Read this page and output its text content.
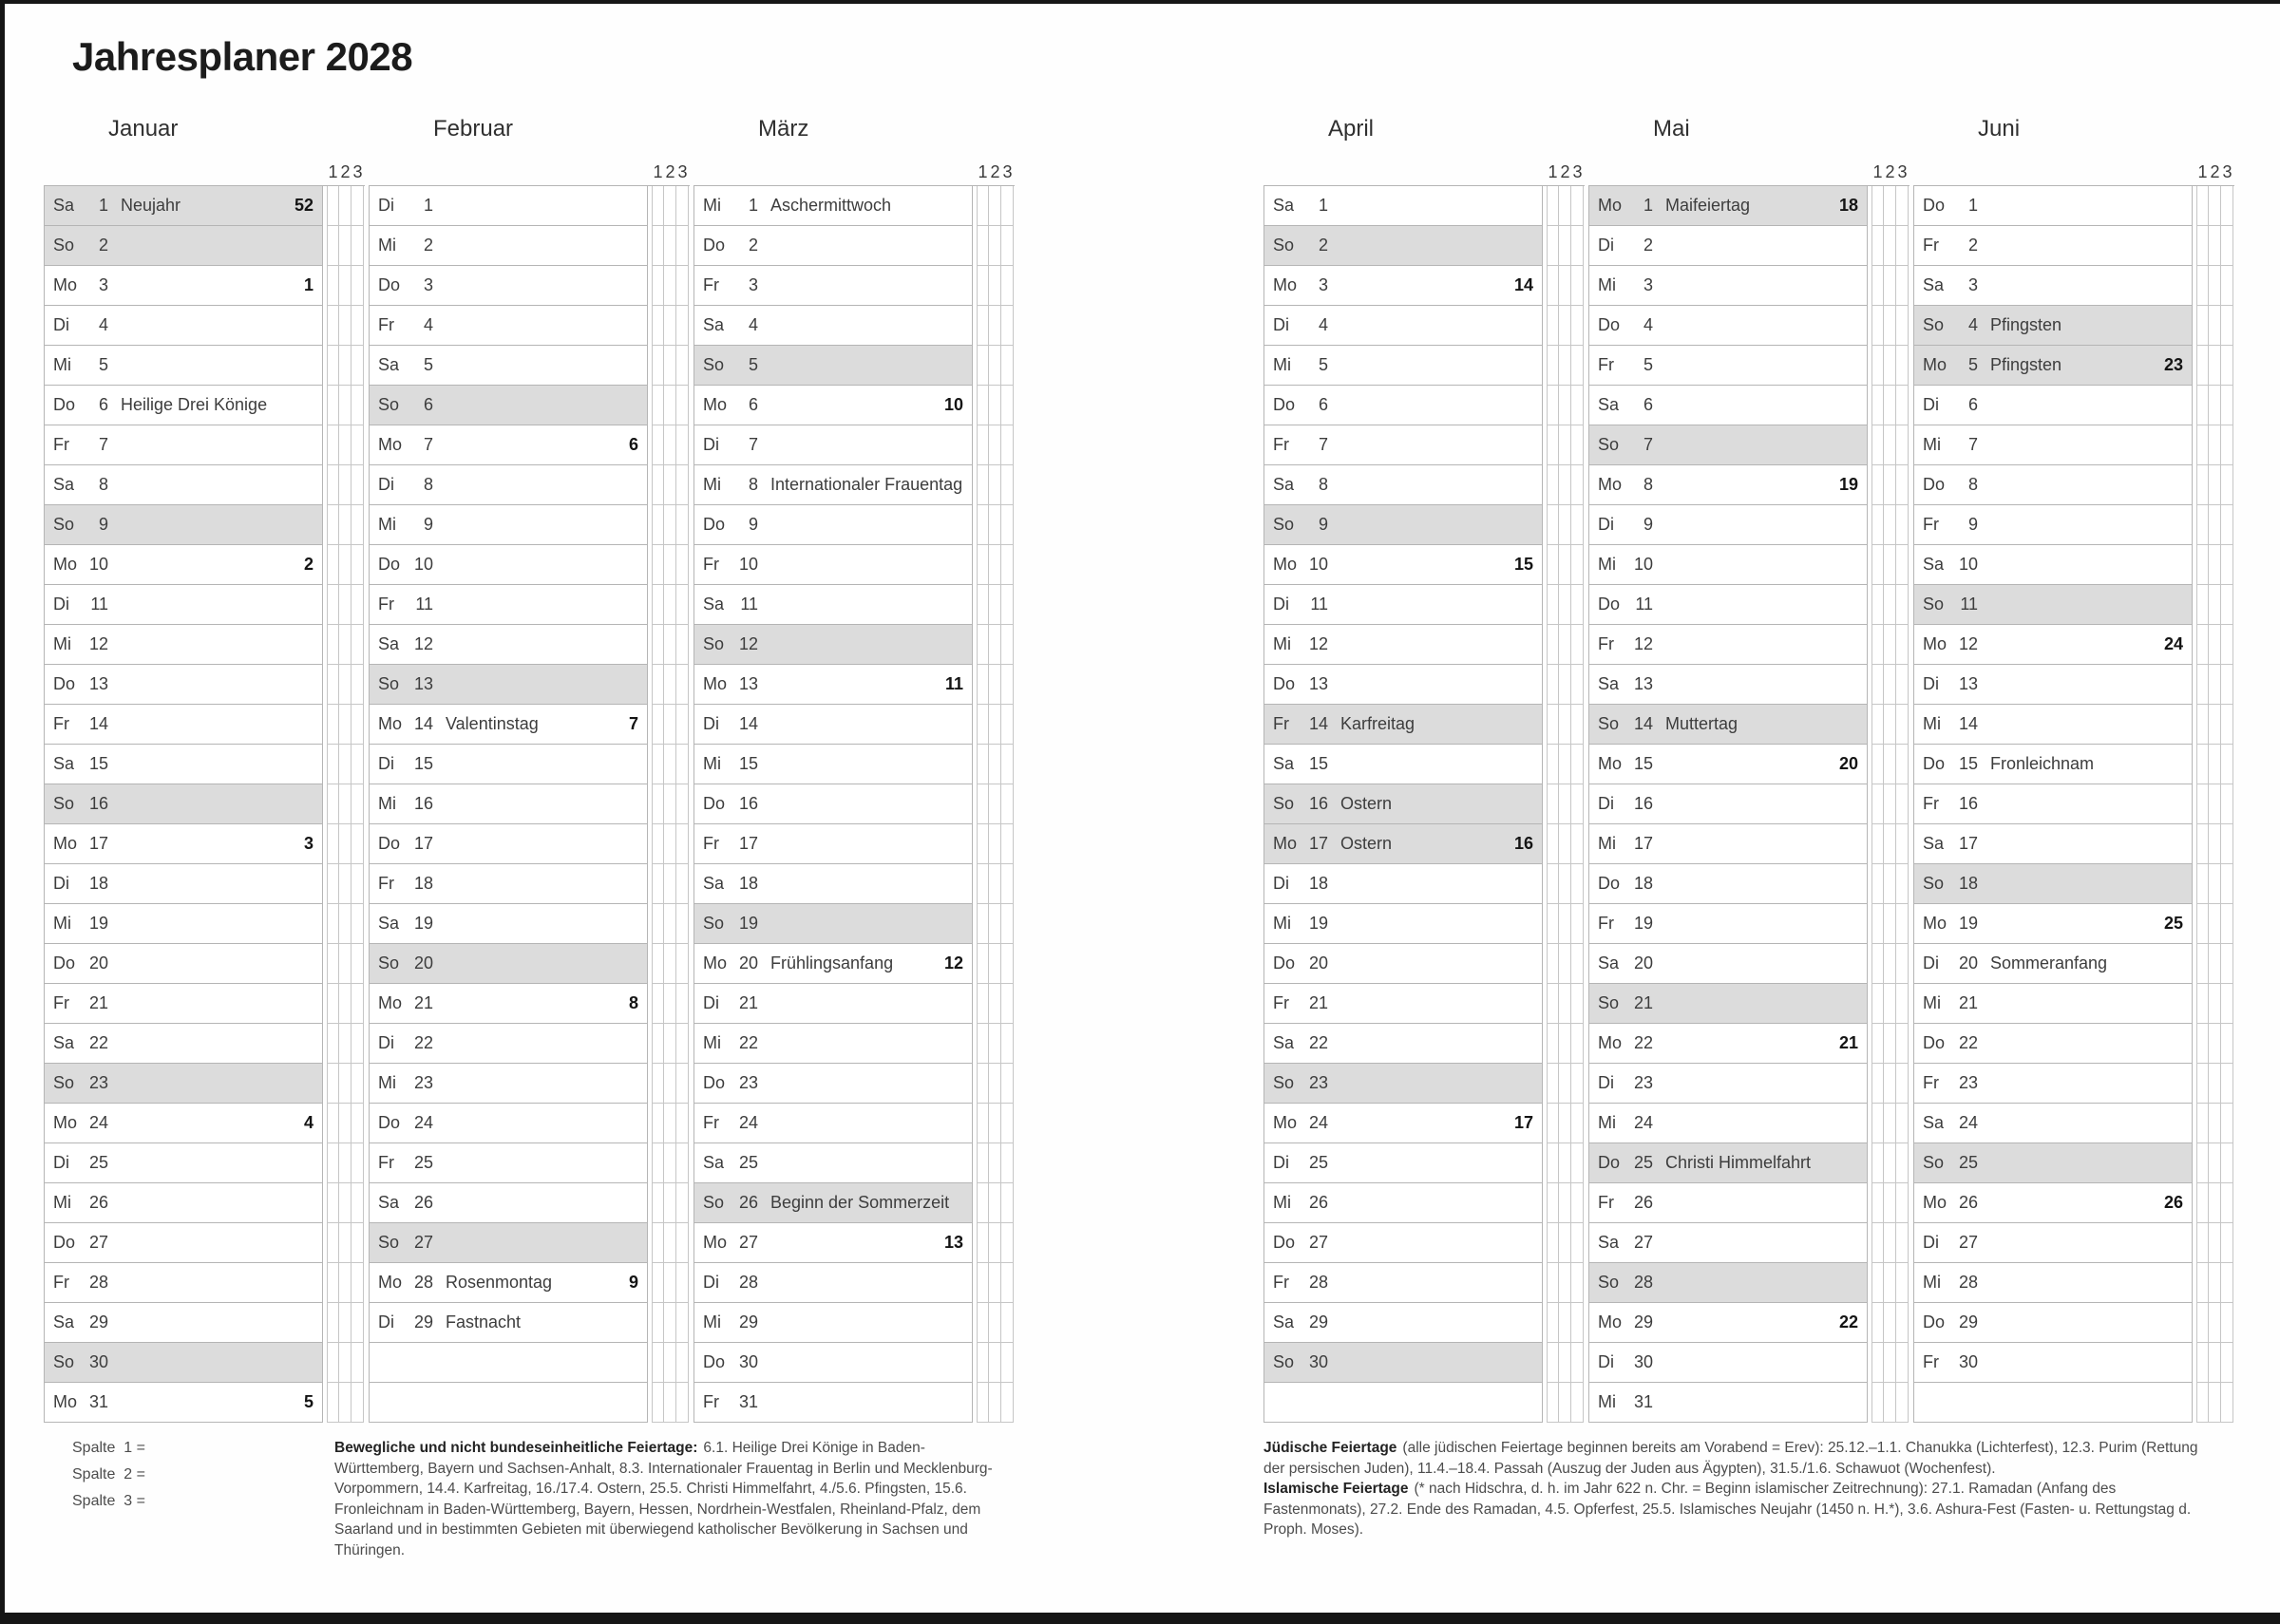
Jahresplaner 2028
Januar
1 2 3
Sa	1 Neujahr	52
So	2
Mo	3	1
Di	4
Mi	5
Do	6 Heilige Drei Könige
Fr	7
Sa	8
So	9
Mo 10	2
Di	11
Mi	12
Do 13
Fr	14
Sa 15
So 16
Mo 17	3
Di	18
Mi	19
Do 20
Fr	21
Sa 22
So 23
Mo 24	4
Di	25
Mi	26
Do 27
Fr	28
Sa 29
So 30
Mo 31	5
Februar
1 2 3
Di	1
Mi	2
Do	3
Fr	4
Sa	5
So	6
Mo	7	6
Di	8
Mi	9
Do 10
Fr	11
Sa 12
So 13
Mo 14 Valentinstag	7
Di	15
Mi	16
Do 17
Fr	18
Sa 19
So 20
Mo 21	8
Di	22
Mi	23
Do 24
Fr	25
Sa 26
So 27
Mo 28 Rosenmontag	9
Di	29 Fastnacht
März
1 2 3
Mi	1 Aschermittwoch
Do	2
Fr	3
Sa	4
So	5
Mo	6	10
Di	7
Mi	8 Internationaler Frauentag
Do	9
Fr	10
Sa 11
So 12
Mo 13	11
Di	14
Mi	15
Do 16
Fr	17
Sa 18
So 19
Mo 20 Frühlingsanfang	12
Di	21
Mi	22
Do 23
Fr	24
Sa 25
So 26 Beginn der Sommerzeit
Mo 27	13
Di	28
Mi	29
Do 30
Fr	31
April
1 2 3
Sa	1
So	2
Mo	3	14
Di	4
Mi	5
Do	6
Fr	7
Sa	8
So	9
Mo 10	15
Di	11
Mi	12
Do 13
Fr	14 Karfreitag
Sa 15
So 16 Ostern
Mo 17 Ostern	16
Di	18
Mi	19
Do 20
Fr	21
Sa 22
So 23
Mo 24	17
Di	25
Mi	26
Do 27
Fr	28
Sa 29
So 30
Mai
1 2 3
Mo	1 Maifeiertag	18
Di	2
Mi	3
Do	4
Fr	5
Sa	6
So	7
Mo	8	19
Di	9
Mi	10
Do 11
Fr	12
Sa 13
So 14 Muttertag
Mo 15	20
Di	16
Mi	17
Do 18
Fr	19
Sa 20
So 21
Mo 22	21
Di	23
Mi	24
Do 25 Christi Himmelfahrt
Fr	26
Sa 27
So 28
Mo 29	22
Di	30
Mi	31
Juni
1 2 3
Do	1
Fr	2
Sa	3
So	4 Pfingsten
Mo	5 Pfingsten	23
Di	6
Mi	7
Do	8
Fr	9
Sa 10
So 11
Mo 12	24
Di	13
Mi	14
Do 15 Fronleichnam
Fr	16
Sa 17
So 18
Mo 19	25
Di	20 Sommeranfang
Mi	21
Do 22
Fr	23
Sa 24
So 25
Mo 26	26
Di	27
Mi	28
Do 29
Fr	30
Spalte  1 =
Spalte  2 =
Spalte  3 =

Bewegliche und nicht bundeseinheitliche Feiertage: 6.1. Heilige Drei Könige in Baden-Württemberg, Bayern und Sachsen-Anhalt, 8.3. Internationaler Frauentag in Berlin und Mecklenburg-Vorpommern, 14.4. Karfreitag, 16./17.4. Ostern, 25.5. Christi Himmelfahrt, 4./5.6. Pfingsten, 15.6. Fronleichnam in Baden-Württemberg, Bayern, Hessen, Nordrhein-Westfalen, Rheinland-Pfalz, dem Saarland und in bestimmten Gebieten mit überwiegend katholischer Bevölkerung in Sachsen und Thüringen.

Jüdische Feiertage (alle jüdischen Feiertage beginnen bereits am Vorabend = Erev): 25.12.–1.1. Chanukka (Lichterfest), 12.3. Purim (Rettung der persischen Juden), 11.4.–18.4. Passah (Auszug der Juden aus Ägypten), 31.5./1.6. Schawuot (Wochenfest).

Islamische Feiertage (* nach Hidschra, d. h. im Jahr 622 n. Chr. = Beginn islamischer Zeitrechnung): 27.1. Ramadan (Anfang des Fastenmonats), 27.2. Ende des Ramadan, 4.5. Opferfest, 25.5. Islamisches Neujahr (1450 n. H.*), 3.6. Ashura-Fest (Fasten- u. Rettungstag d. Proph. Moses).
